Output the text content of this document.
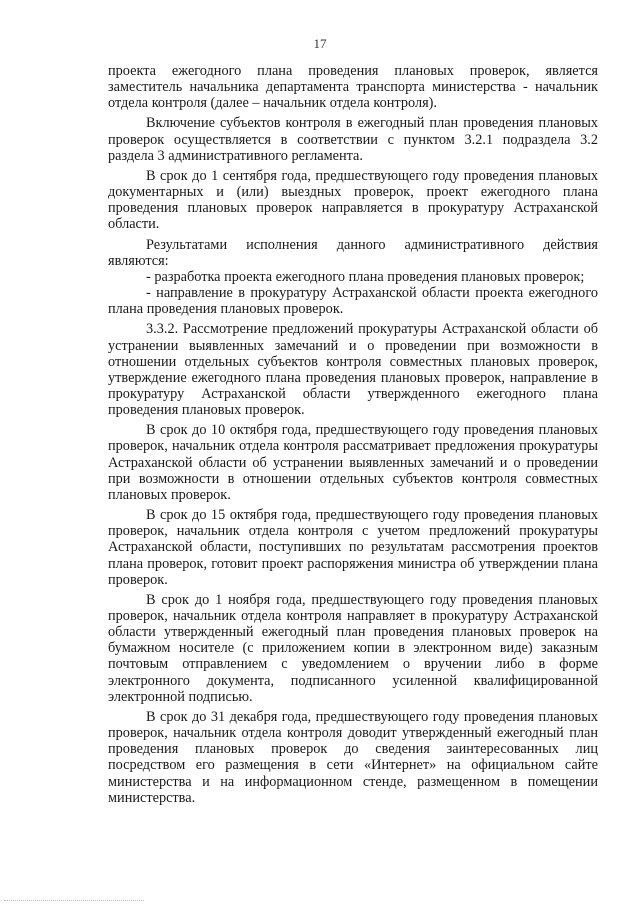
17

проекта ежегодного плана проведения плановых проверок, является заместитель начальника департамента транспорта министерства - начальник отдела контроля (далее – начальник отдела контроля).

Включение субъектов контроля в ежегодный план проведения плановых проверок осуществляется в соответствии с пунктом 3.2.1 подраздела 3.2 раздела 3 административного регламента.

В срок до 1 сентября года, предшествующего году проведения плановых документарных и (или) выездных проверок, проект ежегодного плана проведения плановых проверок направляется в прокуратуру Астраханской области.

Результатами исполнения данного административного действия являются:

- разработка проекта ежегодного плана проведения плановых проверок;
- направление в прокуратуру Астраханской области проекта ежегодного плана проведения плановых проверок.

3.3.2. Рассмотрение предложений прокуратуры Астраханской области об устранении выявленных замечаний и о проведении при возможности в отношении отдельных субъектов контроля совместных плановых проверок, утверждение ежегодного плана проведения плановых проверок, направление в прокуратуру Астраханской области утвержденного ежегодного плана проведения плановых проверок.

В срок до 10 октября года, предшествующего году проведения плановых проверок, начальник отдела контроля рассматривает предложения прокуратуры Астраханской области об устранении выявленных замечаний и о проведении при возможности в отношении отдельных субъектов контроля совместных плановых проверок.

В срок до 15 октября года, предшествующего году проведения плановых проверок, начальник отдела контроля с учетом предложений прокуратуры Астраханской области, поступивших по результатам рассмотрения проектов плана проверок, готовит проект распоряжения министра об утверждении плана проверок.

В срок до 1 ноября года, предшествующего году проведения плановых проверок, начальник отдела контроля направляет в прокуратуру Астраханской области утвержденный ежегодный план проведения плановых проверок на бумажном носителе (с приложением копии в электронном виде) заказным почтовым отправлением с уведомлением о вручении либо в форме электронного документа, подписанного усиленной квалифицированной электронной подписью.

В срок до 31 декабря года, предшествующего году проведения плановых проверок, начальник отдела контроля доводит утвержденный ежегодный план проведения плановых проверок до сведения заинтересованных лиц посредством его размещения в сети «Интернет» на официальном сайте министерства и на информационном стенде, размещенном в помещении министерства.
